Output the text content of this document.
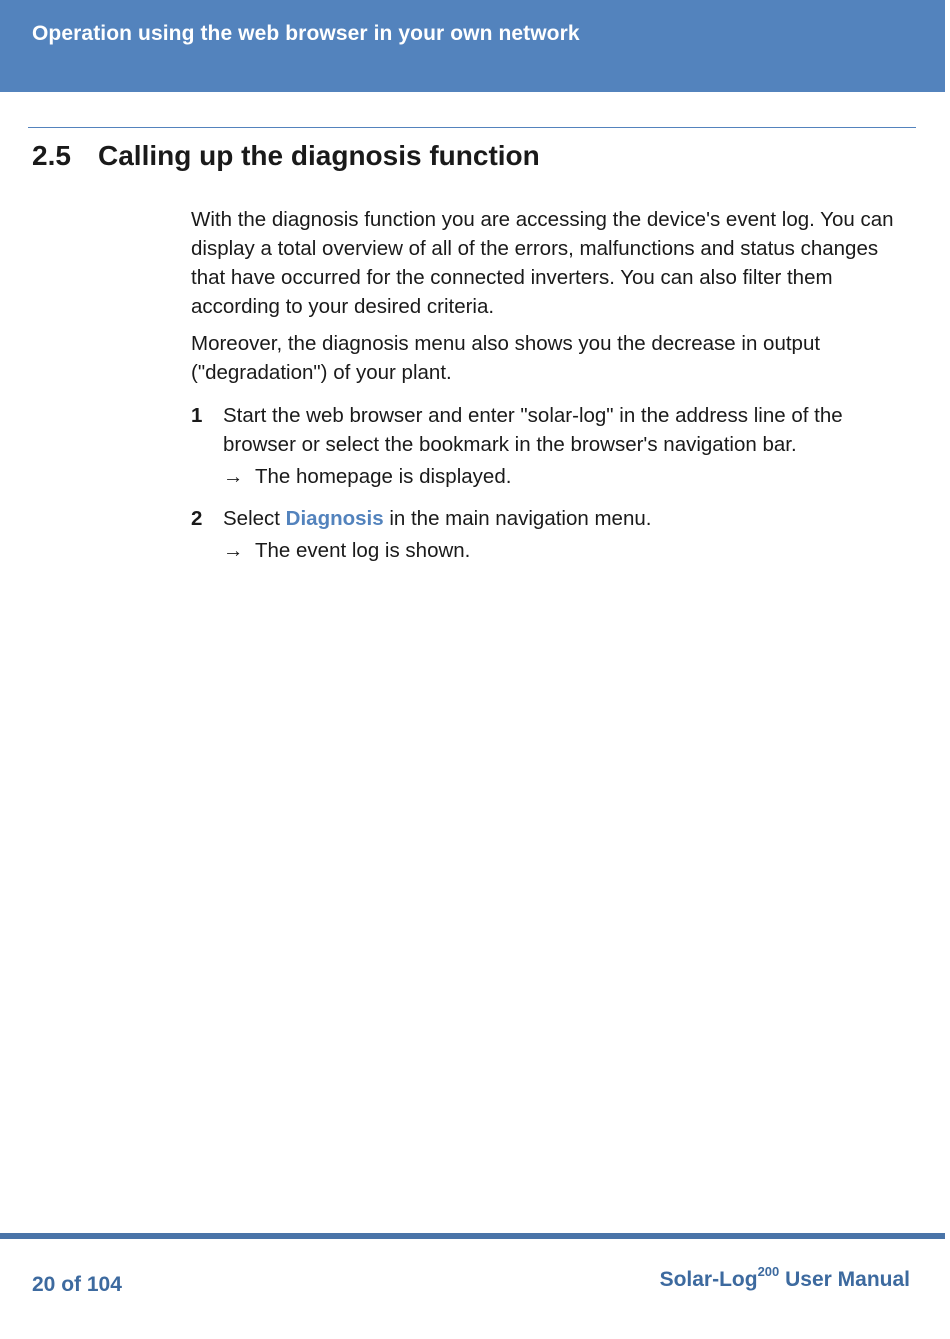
Operation using the web browser in your own network
2.5 Calling up the diagnosis function

With the diagnosis function you are accessing the device's event log. You can display a total overview of all of the errors, malfunctions and status changes that have occurred for the connected inverters. You can also filter them according to your desired criteria.

Moreover, the diagnosis menu also shows you the decrease in output ("degradation") of your plant.

1 Start the web browser and enter "solar-log" in the address line of the browser or select the bookmark in the browser's navigation bar.
→ The homepage is displayed.
2 Select Diagnosis in the main navigation menu.
→ The event log is shown.
20 of 104	Solar-Log$^{200}$ User Manual
